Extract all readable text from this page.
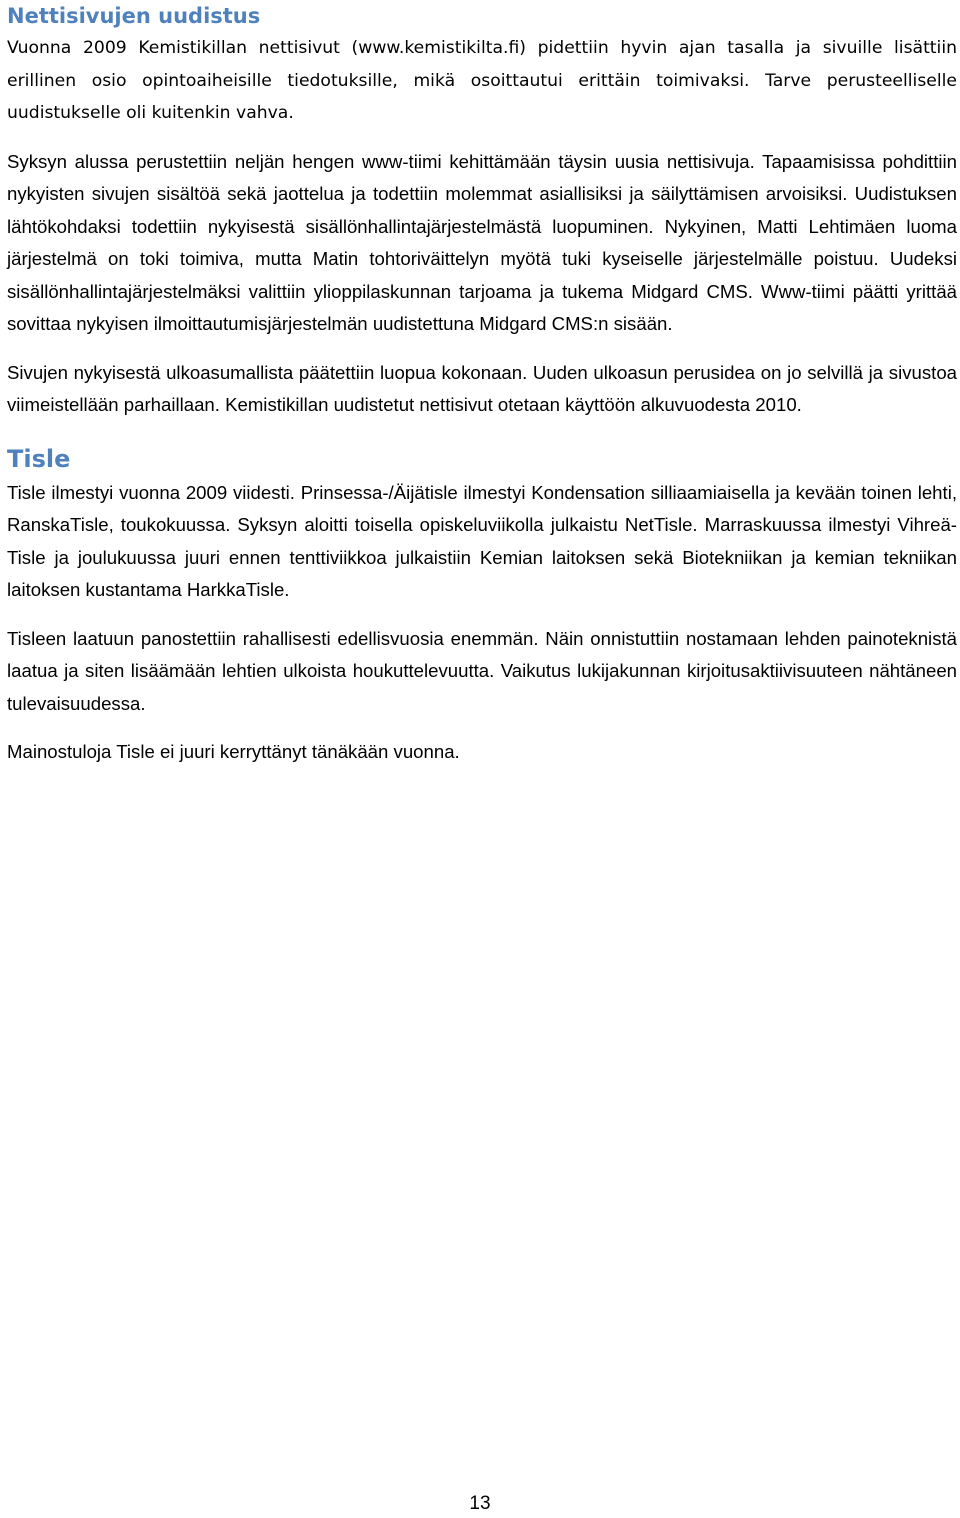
Nettisivujen uudistus

Vuonna 2009 Kemistikillan nettisivut (www.kemistikilta.fi) pidettiin hyvin ajan tasalla ja sivuille lisättiin erillinen osio opintoaiheisille tiedotuksille, mikä osoittautui erittäin toimivaksi. Tarve perusteelliselle uudistukselle oli kuitenkin vahva.

Syksyn alussa perustettiin neljän hengen www-tiimi kehittämään täysin uusia nettisivuja. Tapaamisissa pohdittiin nykyisten sivujen sisältöä sekä jaottelua ja todettiin molemmat asiallisiksi ja säilyttämisen arvoisiksi. Uudistuksen lähtökohdaksi todettiin nykyisestä sisällönhallintajärjestelmästä luopuminen. Nykyinen, Matti Lehtimäen luoma järjestelmä on toki toimiva, mutta Matin tohtoriväittelyn myötä tuki kyseiselle järjestelmälle poistuu. Uudeksi sisällönhallintajärjestelmäksi valittiin ylioppilaskunnan tarjoama ja tukema Midgard CMS. Www-tiimi päätti yrittää sovittaa nykyisen ilmoittautumisjärjestelmän uudistettuna Midgard CMS:n sisään.

Sivujen nykyisestä ulkoasumallista päätettiin luopua kokonaan. Uuden ulkoasun perusidea on jo selvillä ja sivustoa viimeistellään parhaillaan. Kemistikillan uudistetut nettisivut otetaan käyttöön alkuvuodesta 2010.

Tisle

Tisle ilmestyi vuonna 2009 viidesti. Prinsessa-/Äijätisle ilmestyi Kondensation silliaamiaisella ja kevään toinen lehti, RanskaTisle, toukokuussa. Syksyn aloitti toisella opiskeluviikolla julkaistu NetTisle. Marraskuussa ilmestyi Vihreä-Tisle ja joulukuussa juuri ennen tenttiviikkoa julkaistiin Kemian laitoksen sekä Biotekniikan ja kemian tekniikan laitoksen kustantama HarkkaTisle.

Tisleen laatuun panostettiin rahallisesti edellisvuosia enemmän. Näin onnistuttiin nostamaan lehden painoteknistä laatua ja siten lisäämään lehtien ulkoista houkuttelevuutta. Vaikutus lukijakunnan kirjoitusaktiivisuuteen nähtäneen tulevaisuudessa.

Mainostuloja Tisle ei juuri kerryttänyt tänäkään vuonna.

13
